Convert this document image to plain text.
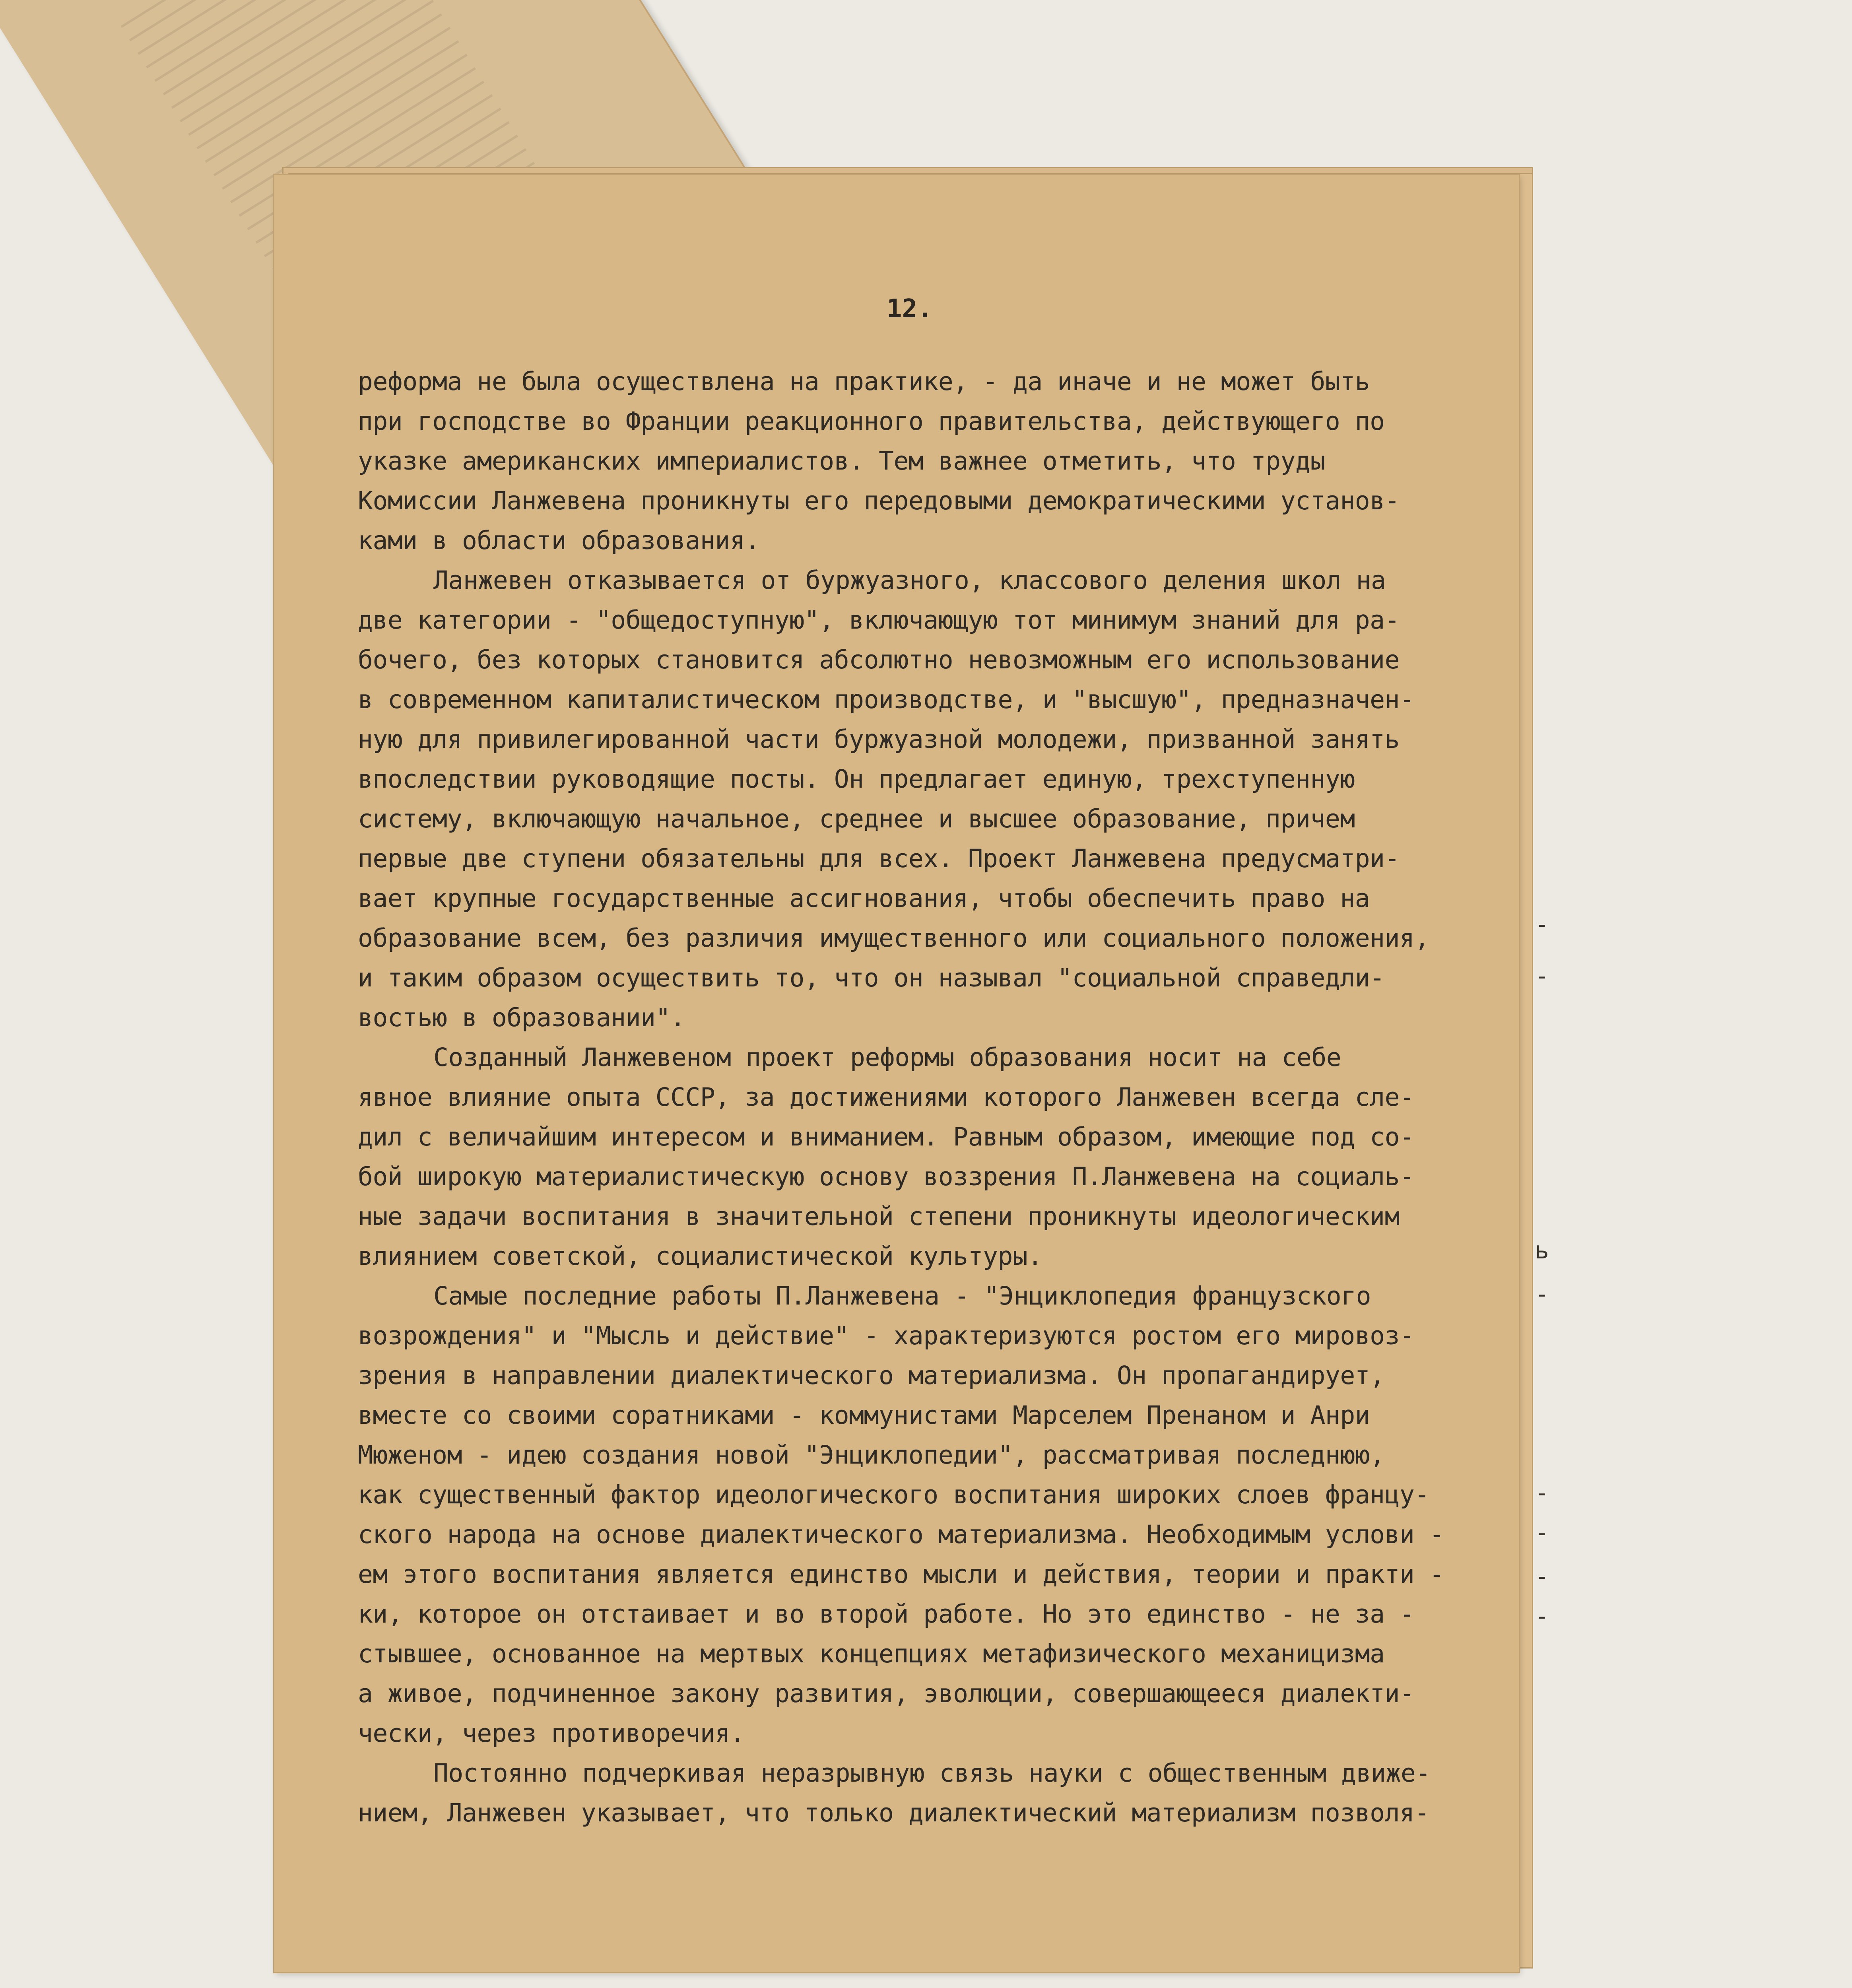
12.
реформа не была осуществлена на практике, - да иначе и не может быть
при господстве во Франции реакционного правительства, действующего по
указке американских империалистов. Тем важнее отметить, что труды
Комиссии Ланжевена проникнуты его передовыми демократическими установ-
ками в области образования.
Ланжевен отказывается от буржуазного, классового деления школ на
две категории - "общедоступную", включающую тот минимум знаний для ра-
бочего, без которых становится абсолютно невозможным его использование
в современном капиталистическом производстве, и "высшую", предназначен-
ную для привилегированной части буржуазной молодежи, призванной занять
впоследствии руководящие посты. Он предлагает единую, трехступенную
систему, включающую начальное, среднее и высшее образование, причем
первые две ступени обязательны для всех. Проект Ланжевена предусматри-
вает крупные государственные ассигнования, чтобы обеспечить право на
образование всем, без различия имущественного или социального положения,
и таким образом осуществить то, что он называл "социальной справедли-
востью в образовании".
Созданный Ланжевеном проект реформы образования носит на себе
явное влияние опыта СССР, за достижениями которого Ланжевен всегда сле-
дил с величайшим интересом и вниманием. Равным образом, имеющие под со-
бой широкую материалистическую основу воззрения П.Ланжевена на социаль-
ные задачи воспитания в значительной степени проникнуты идеологическим
влиянием советской, социалистической культуры.
Самые последние работы П.Ланжевена - "Энциклопедия французского
возрождения" и "Мысль и действие" - характеризуются ростом его мировоз-
зрения в направлении диалектического материализма. Он пропагандирует,
вместе со своими соратниками - коммунистами Марселем Пренаном и Анри
Мюженом - идею создания новой "Энциклопедии", рассматривая последнюю,
как существенный фактор идеологического воспитания широких слоев францу-
ского народа на основе диалектического материализма. Необходимым услови -
ем этого воспитания является единство мысли и действия, теории и практи -
ки, которое он отстаивает и во второй работе. Но это единство - не за -
стывшее, основанное на мертвых концепциях метафизического механицизма
а живое, подчиненное закону развития, эволюции, совершающееся диалекти-
чески, через противоречия.
Постоянно подчеркивая неразрывную связь науки с общественным движе-
нием, Ланжевен указывает, что только диалектический материализм позволя-
-
-
ь
-
-
-
-
-
